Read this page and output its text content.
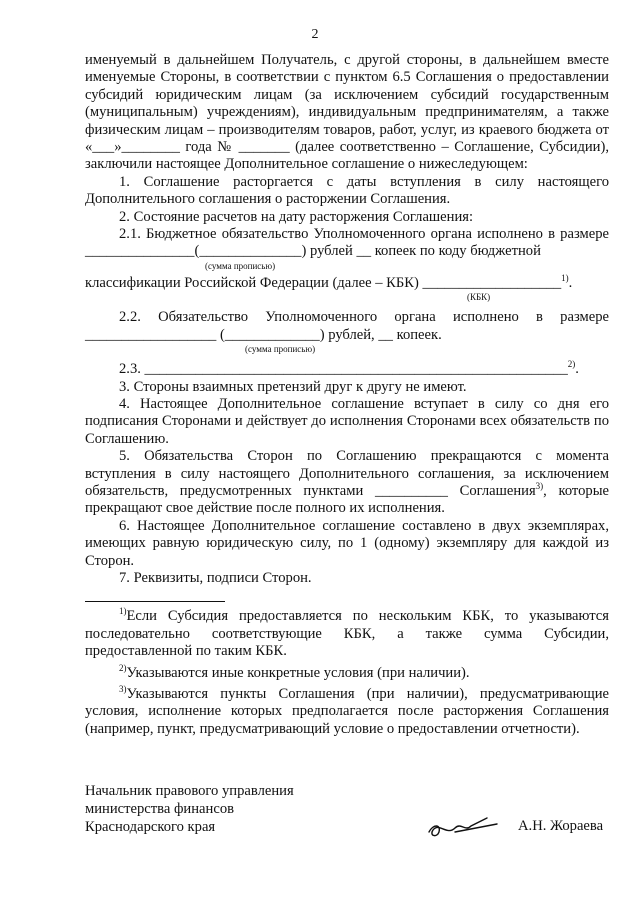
2

именуемый в дальнейшем Получатель, с другой стороны, в дальнейшем вместе именуемые Стороны, в соответствии с пунктом 6.5 Соглашения о предоставлении субсидий юридическим лицам (за исключением субсидий государственным (муниципальным) учреждениям), индивидуальным предпринимателям, а также физическим лицам – производителям товаров, работ, услуг, из краевого бюджета от «___»________ года № _______ (далее соответственно – Соглашение, Субсидии), заключили настоящее Дополнительное соглашение о нижеследующем:

1. Соглашение расторгается с даты вступления в силу настоящего Дополнительного соглашения о расторжении Соглашения.

2. Состояние расчетов на дату расторжения Соглашения:

2.1. Бюджетное обязательство Уполномоченного органа исполнено в размере _______________(______________) рублей __ копеек по коду бюджетной

(сумма прописью)

классификации Российской Федерации (далее – КБК) ___________________$^{1)}$.

(КБК)

2.2. Обязательство Уполномоченного органа исполнено в размере __________________ (_____________) рублей, __ копеек.

(сумма прописью)

2.3. __________________________________________________________$^{2)}$.

3. Стороны взаимных претензий друг к другу не имеют.

4. Настоящее Дополнительное соглашение вступает в силу со дня его подписания Сторонами и действует до исполнения Сторонами всех обязательств по Соглашению.

5. Обязательства Сторон по Соглашению прекращаются с момента вступления в силу настоящего Дополнительного соглашения, за исключением обязательств, предусмотренных пунктами __________ Соглашения$^{3)}$, которые прекращают свое действие после полного их исполнения.

6. Настоящее Дополнительное соглашение составлено в двух экземплярах, имеющих равную юридическую силу, по 1 (одному) экземпляру для каждой из Сторон.

7. Реквизиты, подписи Сторон.

$^{1)}$Если Субсидия предоставляется по нескольким КБК, то указываются последовательно соответствующие КБК, а также сумма Субсидии, предоставленной по таким КБК.

$^{2)}$Указываются иные конкретные условия (при наличии).

$^{3)}$Указываются пункты Соглашения (при наличии), предусматривающие условия, исполнение которых предполагается после расторжения Соглашения (например, пункт, предусматривающий условие о предоставлении отчетности).

Начальник правового управления
министерства финансов
Краснодарского края	А.Н. Жораева
